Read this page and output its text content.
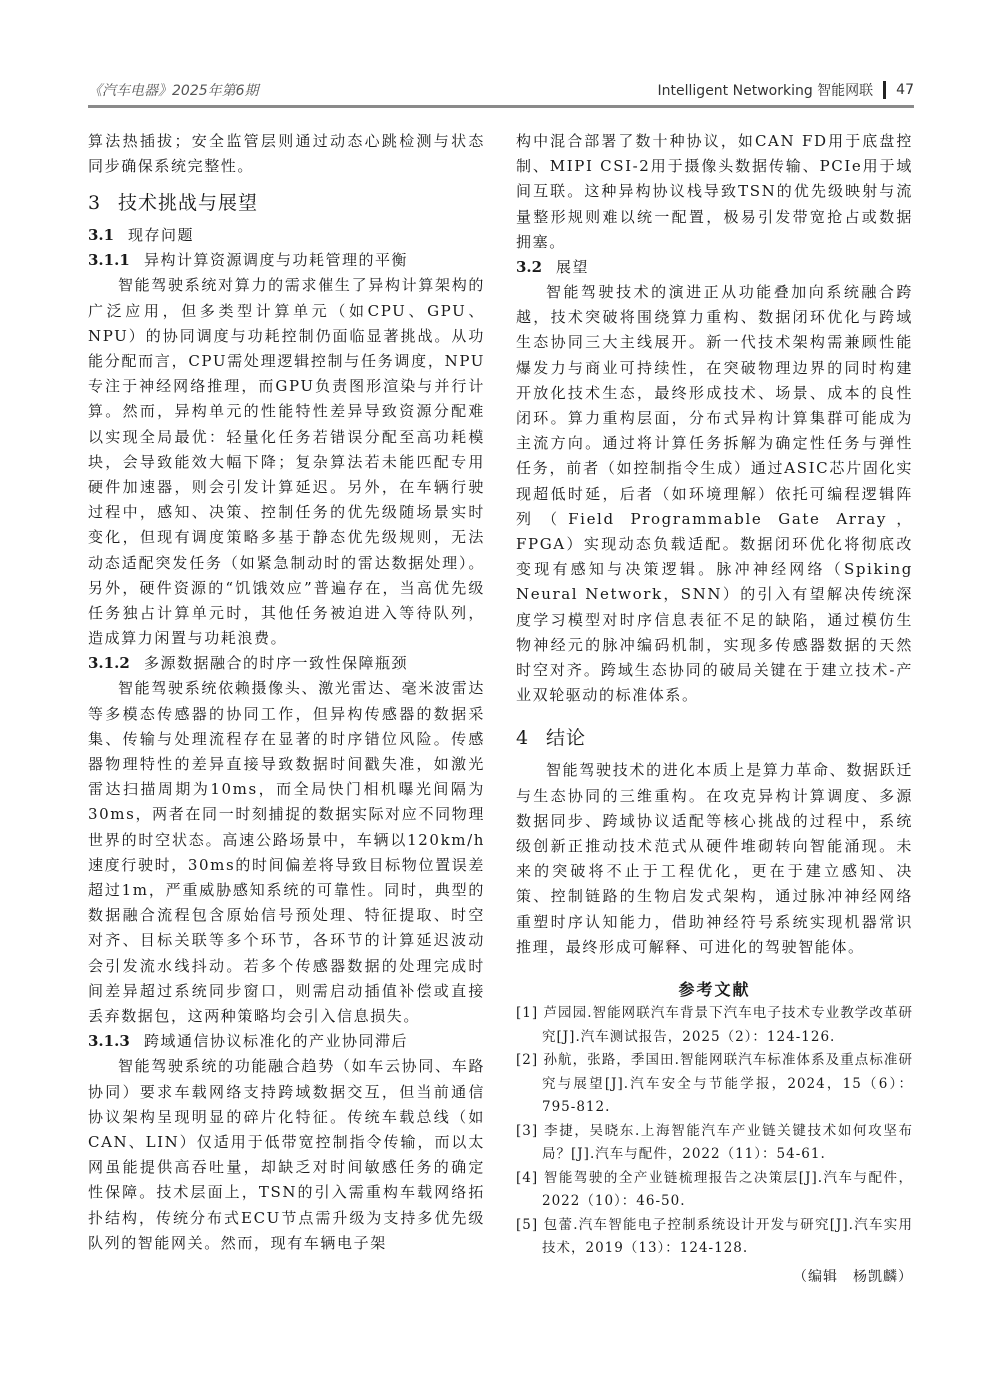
《汽车电器》2025年第6期	Intelligent Networking 智能网联 47

算法热插拔；安全监管层则通过动态心跳检测与状态同步确保系统完整性。

3 技术挑战与展望
3.1 现存问题
3.1.1 异构计算资源调度与功耗管理的平衡

智能驾驶系统对算力的需求催生了异构计算架构的广泛应用，但多类型计算单元（如CPU、GPU、NPU）的协同调度与功耗控制仍面临显著挑战。从功能分配而言，CPU需处理逻辑控制与任务调度，NPU专注于神经网络推理，而GPU负责图形渲染与并行计算。然而，异构单元的性能特性差异导致资源分配难以实现全局最优：轻量化任务若错误分配至高功耗模块，会导致能效大幅下降；复杂算法若未能匹配专用硬件加速器，则会引发计算延迟。另外，在车辆行驶过程中，感知、决策、控制任务的优先级随场景实时变化，但现有调度策略多基于静态优先级规则，无法动态适配突发任务（如紧急制动时的雷达数据处理）。另外，硬件资源的“饥饿效应”普遍存在，当高优先级任务独占计算单元时，其他任务被迫进入等待队列，造成算力闲置与功耗浪费。

3.1.2 多源数据融合的时序一致性保障瓶颈

智能驾驶系统依赖摄像头、激光雷达、毫米波雷达等多模态传感器的协同工作，但异构传感器的数据采集、传输与处理流程存在显著的时序错位风险。传感器物理特性的差异直接导致数据时间戳失准，如激光雷达扫描周期为10ms，而全局快门相机曝光间隔为30ms，两者在同一时刻捕捉的数据实际对应不同物理世界的时空状态。高速公路场景中，车辆以120km/h速度行驶时，30ms的时间偏差将导致目标物位置误差超过1m，严重威胁感知系统的可靠性。同时，典型的数据融合流程包含原始信号预处理、特征提取、时空对齐、目标关联等多个环节，各环节的计算延迟波动会引发流水线抖动。若多个传感器数据的处理完成时间差异超过系统同步窗口，则需启动插值补偿或直接丢弃数据包，这两种策略均会引入信息损失。

3.1.3 跨域通信协议标准化的产业协同滞后

智能驾驶系统的功能融合趋势（如车云协同、车路协同）要求车载网络支持跨域数据交互，但当前通信协议架构呈现明显的碎片化特征。传统车载总线（如CAN、LIN）仅适用于低带宽控制指令传输，而以太网虽能提供高吞吐量，却缺乏对时间敏感任务的确定性保障。技术层面上，TSN的引入需重构车载网络拓扑结构，传统分布式ECU节点需升级为支持多优先级队列的智能网关。然而，现有车辆电子架

构中混合部署了数十种协议，如CAN FD用于底盘控制、MIPI CSI-2用于摄像头数据传输、PCIe用于域间互联。这种异构协议栈导致TSN的优先级映射与流量整形规则难以统一配置，极易引发带宽抢占或数据拥塞。

3.2 展望

智能驾驶技术的演进正从功能叠加向系统融合跨越，技术突破将围绕算力重构、数据闭环优化与跨域生态协同三大主线展开。新一代技术架构需兼顾性能爆发力与商业可持续性，在突破物理边界的同时构建开放化技术生态，最终形成技术、场景、成本的良性闭环。算力重构层面，分布式异构计算集群可能成为主流方向。通过将计算任务拆解为确定性任务与弹性任务，前者（如控制指令生成）通过ASIC芯片固化实现超低时延，后者（如环境理解）依托可编程逻辑阵列（Field Programmable Gate Array，FPGA）实现动态负载适配。数据闭环优化将彻底改变现有感知与决策逻辑。脉冲神经网络（Spiking Neural Network，SNN）的引入有望解决传统深度学习模型对时序信息表征不足的缺陷，通过模仿生物神经元的脉冲编码机制，实现多传感器数据的天然时空对齐。跨域生态协同的破局关键在于建立技术-产业双轮驱动的标准体系。

4 结论

智能驾驶技术的进化本质上是算力革命、数据跃迁与生态协同的三维重构。在攻克异构计算调度、多源数据同步、跨域协议适配等核心挑战的过程中，系统级创新正推动技术范式从硬件堆砌转向智能涌现。未来的突破将不止于工程优化，更在于建立感知、决策、控制链路的生物启发式架构，通过脉冲神经网络重塑时序认知能力，借助神经符号系统实现机器常识推理，最终形成可解释、可进化的驾驶智能体。

参考文献
[1] 芦园园.智能网联汽车背景下汽车电子技术专业教学改革研究[J].汽车测试报告，2025（2）：124-126.
[2] 孙航，张路，季国田.智能网联汽车标准体系及重点标准研究与展望[J].汽车安全与节能学报，2024，15（6）：795-812.
[3] 李捷，吴晓东.上海智能汽车产业链关键技术如何攻坚布局？[J].汽车与配件，2022（11）：54-61.
[4] 智能驾驶的全产业链梳理报告之决策层[J].汽车与配件，2022（10）：46-50.
[5] 包蕾.汽车智能电子控制系统设计开发与研究[J].汽车实用技术，2019（13）：124-128.
（编辑　杨凯麟）
